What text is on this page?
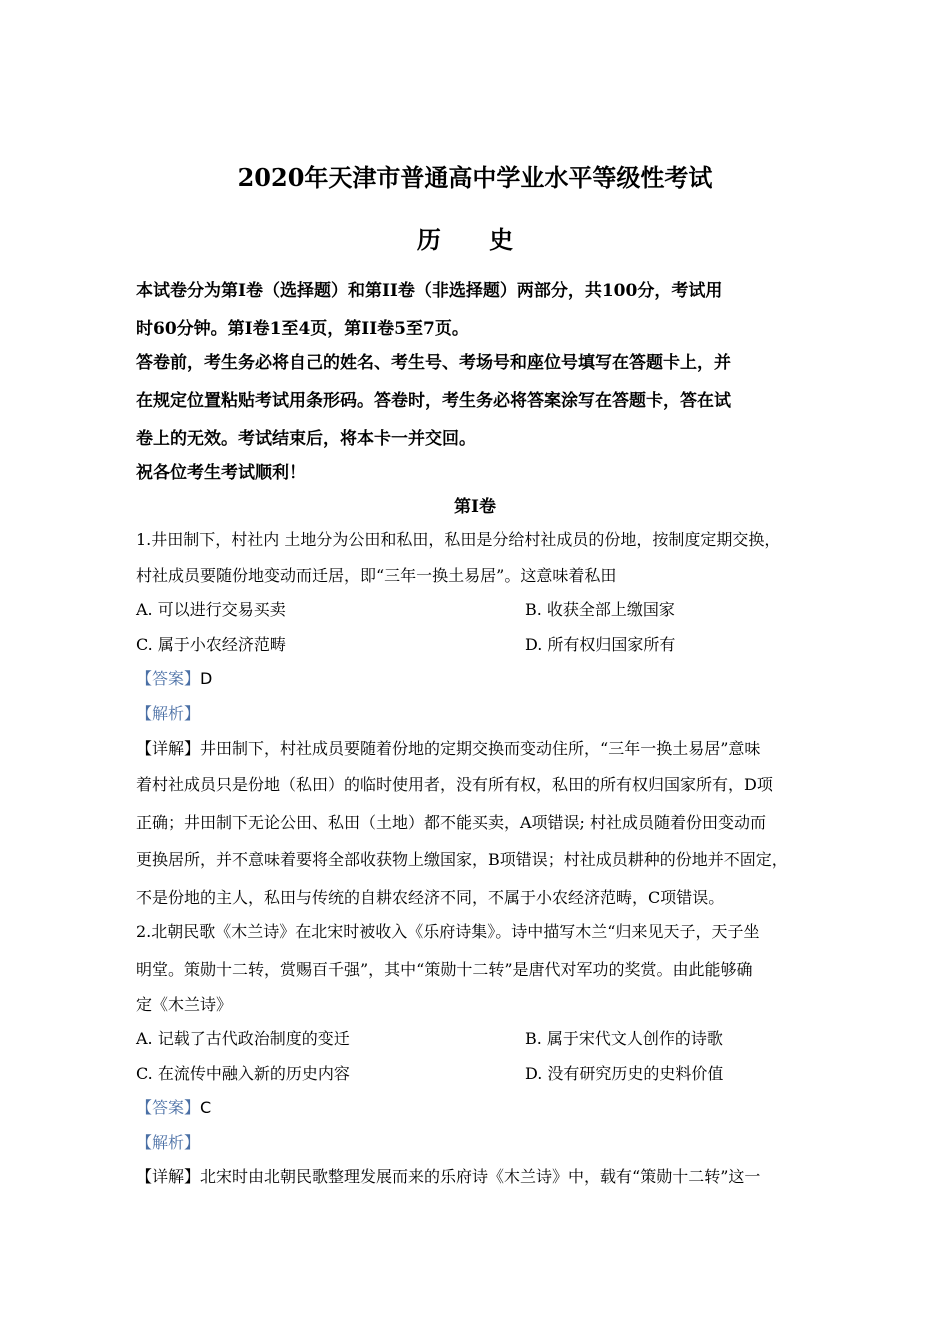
2020年天津市普通高中学业水平等级性考试
历 史
本试卷分为第Ⅰ卷（选择题）和第II卷（非选择题）两部分，共100分，考试用
时60分钟。第Ⅰ卷1至4页，第II卷5至7页。
答卷前，考生务必将自己的姓名、考生号、考场号和座位号填写在答题卡上，并
在规定位置粘贴考试用条形码。答卷时，考生务必将答案涂写在答题卡，答在试
卷上的无效。考试结束后，将本卡一并交回。
祝各位考生考试顺利！
第Ⅰ卷
1.井田制下，村社内 土地分为公田和私田，私田是分给村社成员的份地，按制度定期交换，
村社成员要随份地变动而迁居，即“三年一换土易居”。这意味着私田
A. 可以进行交易买卖	B. 收获全部上缴国家
C. 属于小农经济范畴	D. 所有权归国家所有
【答案】D
【解析】
【详解】井田制下，村社成员要随着份地的定期交换而变动住所，“三年一换土易居”意味
着村社成员只是份地（私田）的临时使用者，没有所有权，私田的所有权归国家所有，D项
正确；井田制下无论公田、私田（土地）都不能买卖，A项错误; 村社成员随着份田变动而
更换居所，并不意味着要将全部收获物上缴国家，B项错误；村社成员耕种的份地并不固定，
不是份地的主人，私田与传统的自耕农经济不同，不属于小农经济范畴，C项错误。
2.北朝民歌《木兰诗》在北宋时被收入《乐府诗集》。诗中描写木兰“归来见天子，天子坐
明堂。策勋十二转，赏赐百千强”，其中“策勋十二转”是唐代对军功的奖赏。由此能够确
定《木兰诗》
A. 记载了古代政治制度的变迁	B. 属于宋代文人创作的诗歌
C. 在流传中融入新的历史内容	D. 没有研究历史的史料价值
【答案】C
【解析】
【详解】北宋时由北朝民歌整理发展而来的乐府诗《木兰诗》中，载有“策勋十二转”这一
